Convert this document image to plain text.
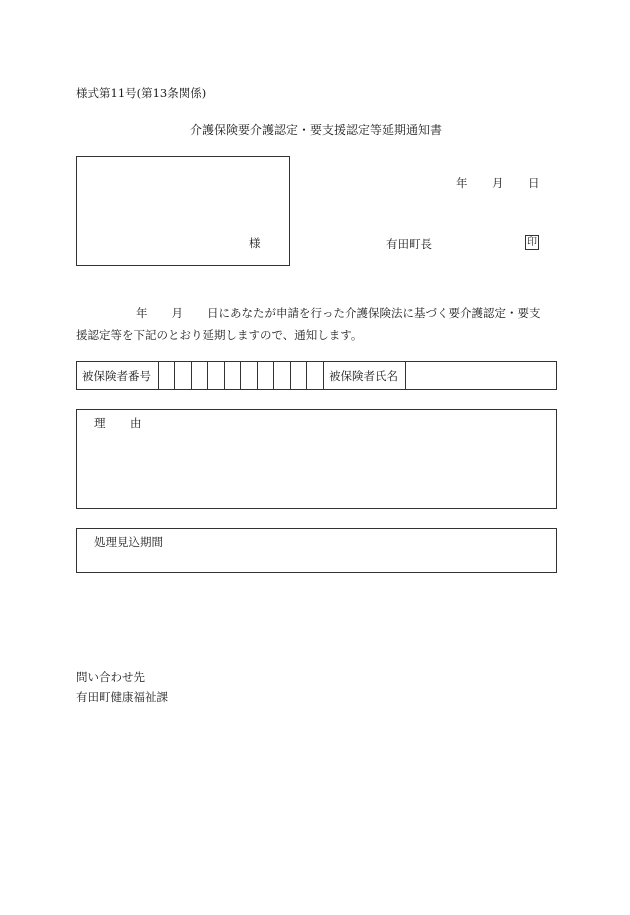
様式第11号(第13条関係)
介護保険要介護認定・要支援認定等延期通知書
様
年 月 日
有田町長	印
年 月 日にあなたが申請を行った介護保険法に基づく要介護認定・要支
援認定等を下記のとおり延期しますので、通知します。
被保険者番号											被保険者氏名	
理 由
処理見込期間
問い合わせ先
有田町健康福祉課
